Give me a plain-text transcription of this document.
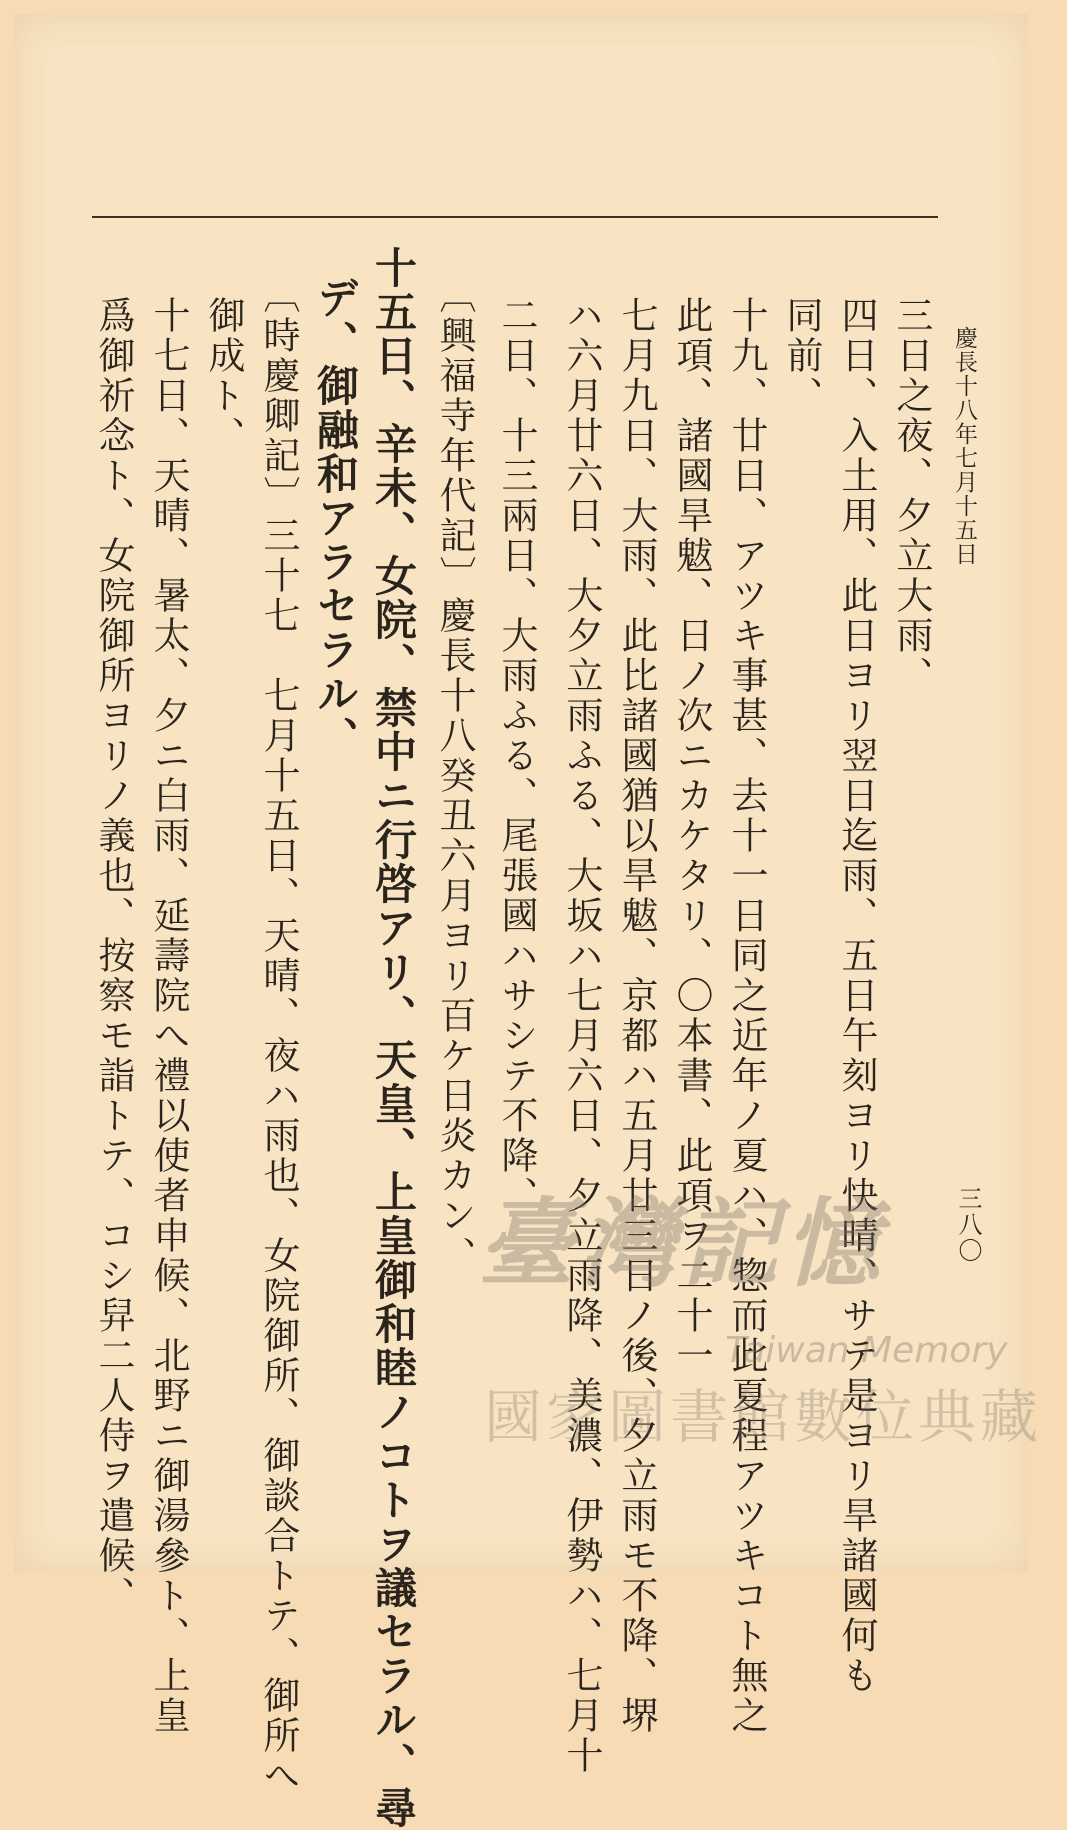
慶長十八年七月十五日
三八〇
三日之夜、夕立大雨、
四日、入土用、此日ヨリ翌日迄雨、五日午刻ヨリ快晴、サテ是ヨリ旱諸國何も
同前、
十九、廿日、アツキ事甚、去十一日同之近年ノ夏ハ、惣而此夏程アツキコト無之
此項、諸國旱魃、日ノ次ニカケタリ、〇本書、此項ヲ二十一
七月九日、大雨、此比諸國猶以旱魃、京都ハ五月廿三日ノ後、夕立雨モ不降、堺
ハ六月廿六日、大夕立雨ふる、大坂ハ七月六日、夕立雨降、美濃、伊勢ハ、七月十
二日、十三兩日、大雨ふる、尾張國ハサシテ不降、
〔興福寺年代記〕慶長十八癸丑六月ヨリ百ケ日炎カン、
十五日、辛未、女院、禁中ニ行啓アリ、天皇、上皇御和睦ノコトヲ議セラル、尋
デ、御融和アラセラル、
〔時慶卿記〕三十七　七月十五日、天晴、夜ハ雨也、女院御所、御談合トテ、御所へ
御成ト、
十七日、天晴、暑太、夕ニ白雨、延壽院へ禮以使者申候、北野ニ御湯參ト、上皇
爲御祈念ト、女院御所ヨリノ義也、按察モ詣トテ、コシ舁二人侍ヲ遣候、	臺灣記憶
Taiwan Memory
國家圖書館數位典藏
